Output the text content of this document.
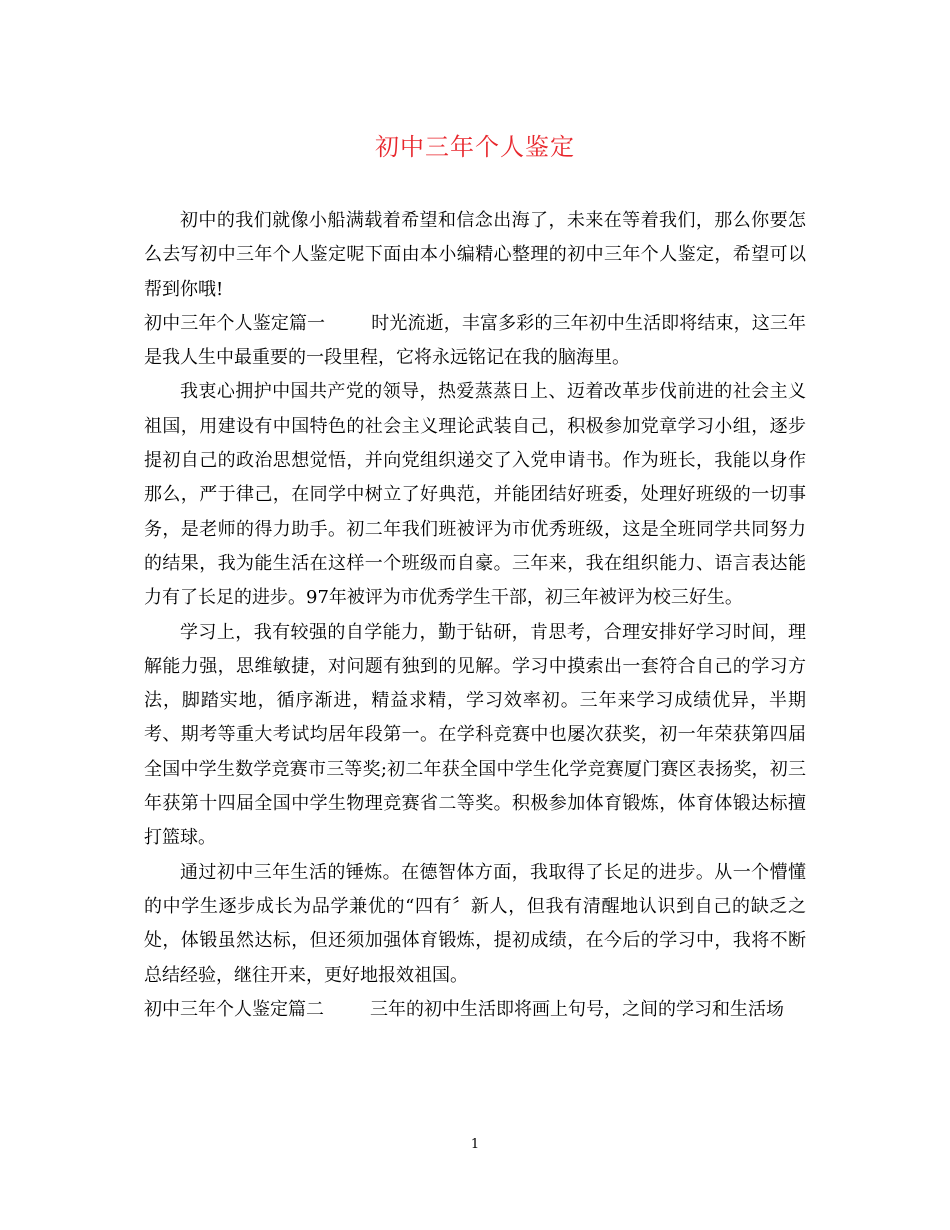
初中三年个人鉴定

初中的我们就像小船满载着希望和信念出海了，未来在等着我们，那么你要怎么去写初中三年个人鉴定呢下面由本小编精心整理的初中三年个人鉴定，希望可以帮到你哦!

初中三年个人鉴定篇一	时光流逝，丰富多彩的三年初中生活即将结束，这三年是我人生中最重要的一段里程，它将永远铭记在我的脑海里。

我衷心拥护中国共产党的领导，热爱蒸蒸日上、迈着改革步伐前进的社会主义祖国，用建设有中国特色的社会主义理论武装自己，积极参加党章学习小组，逐步提初自己的政治思想觉悟，并向党组织递交了入党申请书。作为班长，我能以身作那么，严于律己，在同学中树立了好典范，并能团结好班委，处理好班级的一切事务，是老师的得力助手。初二年我们班被评为市优秀班级，这是全班同学共同努力的结果，我为能生活在这样一个班级而自豪。三年来，我在组织能力、语言表达能力有了长足的进步。97年被评为市优秀学生干部，初三年被评为校三好生。

学习上，我有较强的自学能力，勤于钻研，肯思考，合理安排好学习时间，理解能力强，思维敏捷，对问题有独到的见解。学习中摸索出一套符合自己的学习方法，脚踏实地，循序渐进，精益求精，学习效率初。三年来学习成绩优异，半期考、期考等重大考试均居年段第一。在学科竞赛中也屡次获奖，初一年荣获第四届全国中学生数学竞赛市三等奖;初二年获全国中学生化学竞赛厦门赛区表扬奖，初三年获第十四届全国中学生物理竞赛省二等奖。积极参加体育锻炼，体育体锻达标擅打篮球。

通过初中三年生活的锤炼。在德智体方面，我取得了长足的进步。从一个懵懂的中学生逐步成长为品学兼优的“四有〞新人，但我有清醒地认识到自己的缺乏之处，体锻虽然达标，但还须加强体育锻炼，提初成绩，在今后的学习中，我将不断总结经验，继往开来，更好地报效祖国。

初中三年个人鉴定篇二	三年的初中生活即将画上句号，之间的学习和生活场

1
